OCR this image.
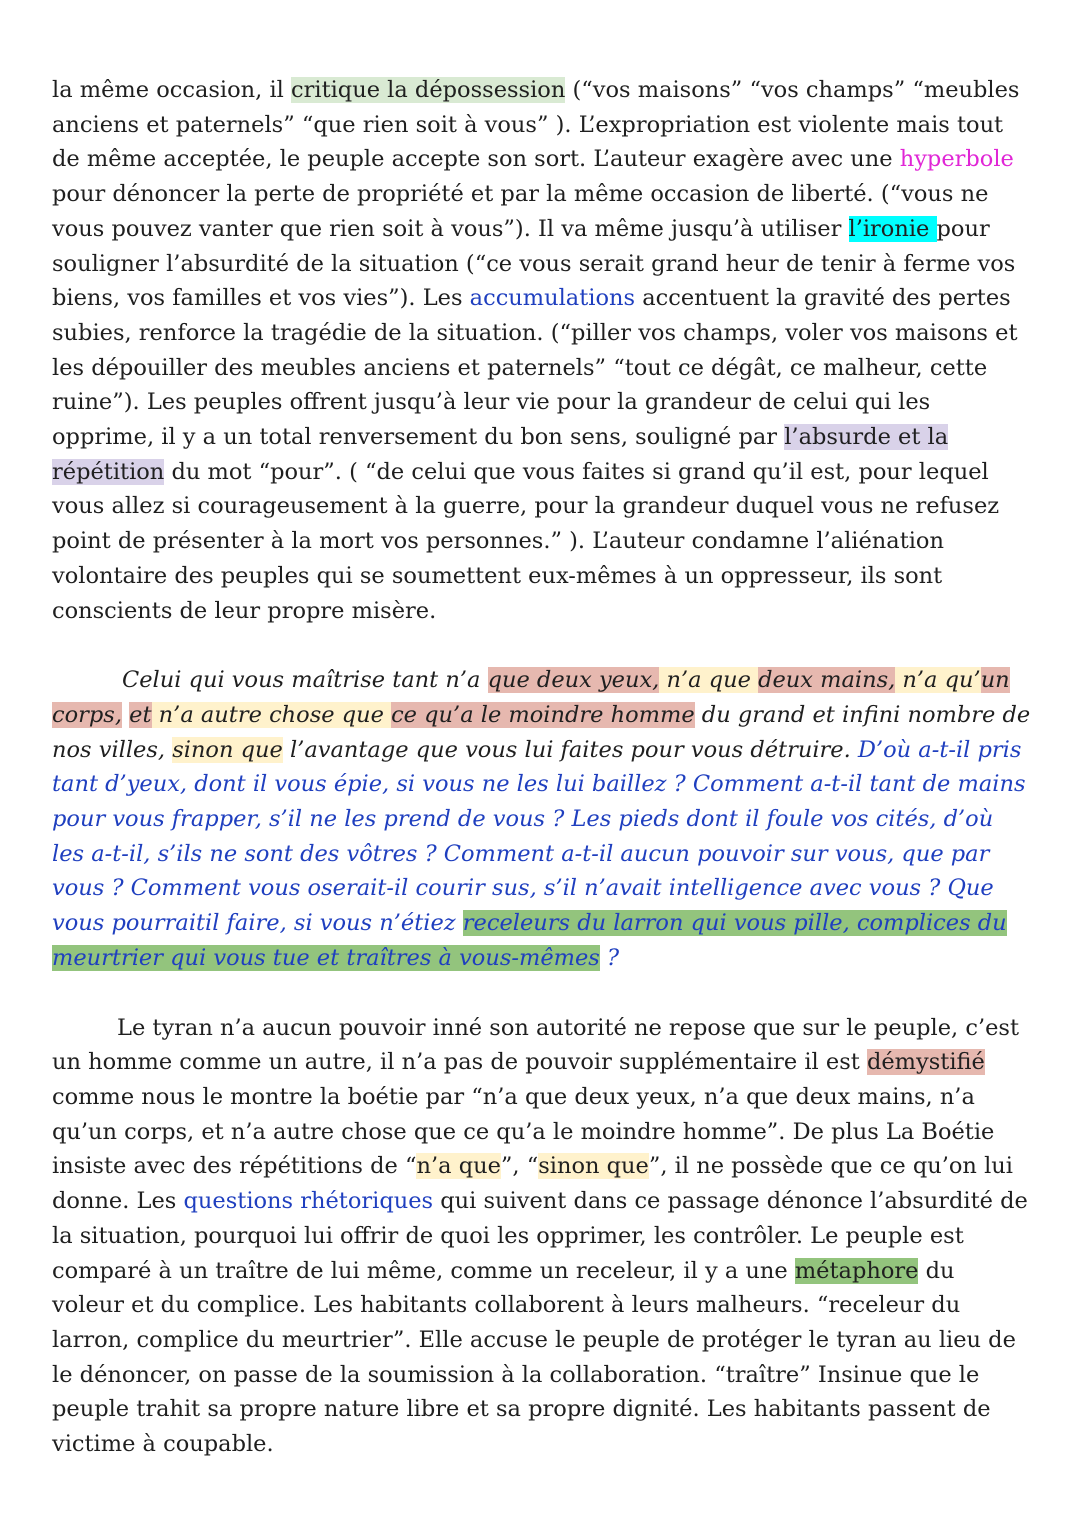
la même occasion, il critique la dépossession (“vos maisons” “vos champs” “meubles anciens et paternels” “que rien soit à vous” ). L’expropriation est violente mais tout de même acceptée, le peuple accepte son sort. L’auteur exagère avec une hyperbole pour dénoncer la perte de propriété et par la même occasion de liberté. (“vous ne vous pouvez vanter que rien soit à vous”). Il va même jusqu’à utiliser l’ironie pour souligner l’absurdité de la situation (“ce vous serait grand heur de tenir à ferme vos biens, vos familles et vos vies”). Les accumulations accentuent la gravité des pertes subies, renforce la tragédie de la situation. (“piller vos champs, voler vos maisons et les dépouiller des meubles anciens et paternels” “tout ce dégât, ce malheur, cette ruine”). Les peuples offrent jusqu’à leur vie pour la grandeur de celui qui les opprime, il y a un total renversement du bon sens, souligné par l’absurde et la répétition du mot “pour”. ( “de celui que vous faites si grand qu’il est, pour lequel vous allez si courageusement à la guerre, pour la grandeur duquel vous ne refusez point de présenter à la mort vos personnes.” ). L’auteur condamne l’aliénation volontaire des peuples qui se soumettent eux-mêmes à un oppresseur, ils sont conscients de leur propre misère.

Celui qui vous maîtrise tant n’a que deux yeux, n’a que deux mains, n’a qu’un corps, et n’a autre chose que ce qu’a le moindre homme du grand et infini nombre de nos villes, sinon que l’avantage que vous lui faites pour vous détruire. D’où a-t-il pris tant d’yeux, dont il vous épie, si vous ne les lui baillez ? Comment a-t-il tant de mains pour vous frapper, s’il ne les prend de vous ? Les pieds dont il foule vos cités, d’où les a-t-il, s’ils ne sont des vôtres ? Comment a-t-il aucun pouvoir sur vous, que par vous ? Comment vous oserait-il courir sus, s’il n’avait intelligence avec vous ? Que vous pourraitil faire, si vous n’étiez receleurs du larron qui vous pille, complices du meurtrier qui vous tue et traîtres à vous-mêmes ?

Le tyran n’a aucun pouvoir inné son autorité ne repose que sur le peuple, c’est un homme comme un autre, il n’a pas de pouvoir supplémentaire il est démystifié comme nous le montre la boétie par “n’a que deux yeux, n’a que deux mains, n’a qu’un corps, et n’a autre chose que ce qu’a le moindre homme”. De plus La Boétie insiste avec des répétitions de “n’a que”, “sinon que”, il ne possède que ce qu’on lui donne. Les questions rhétoriques qui suivent dans ce passage dénonce l’absurdité de la situation, pourquoi lui offrir de quoi les opprimer, les contrôler. Le peuple est comparé à un traître de lui même, comme un receleur, il y a une métaphore du voleur et du complice. Les habitants collaborent à leurs malheurs. “receleur du larron, complice du meurtrier”. Elle accuse le peuple de protéger le tyran au lieu de le dénoncer, on passe de la soumission à la collaboration. “traître” Insinue que le peuple trahit sa propre nature libre et sa propre dignité. Les habitants passent de victime à coupable.
